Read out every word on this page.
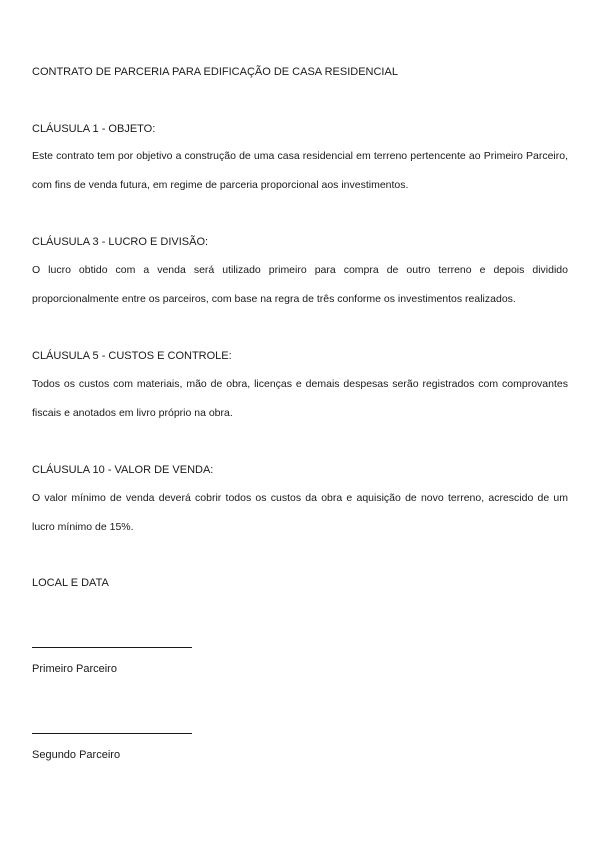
CONTRATO DE PARCERIA PARA EDIFICAÇÃO DE CASA RESIDENCIAL
CLÁUSULA 1 - OBJETO:

Este contrato tem por objetivo a construção de uma casa residencial em terreno pertencente ao Primeiro Parceiro, com fins de venda futura, em regime de parceria proporcional aos investimentos.

CLÁUSULA 3 - LUCRO E DIVISÃO:

O lucro obtido com a venda será utilizado primeiro para compra de outro terreno e depois dividido proporcionalmente entre os parceiros, com base na regra de três conforme os investimentos realizados.

CLÁUSULA 5 - CUSTOS E CONTROLE:

Todos os custos com materiais, mão de obra, licenças e demais despesas serão registrados com comprovantes fiscais e anotados em livro próprio na obra.

CLÁUSULA 10 - VALOR DE VENDA:

O valor mínimo de venda deverá cobrir todos os custos da obra e aquisição de novo terreno, acrescido de um lucro mínimo de 15%.

LOCAL E DATA
Primeiro Parceiro
Segundo Parceiro
